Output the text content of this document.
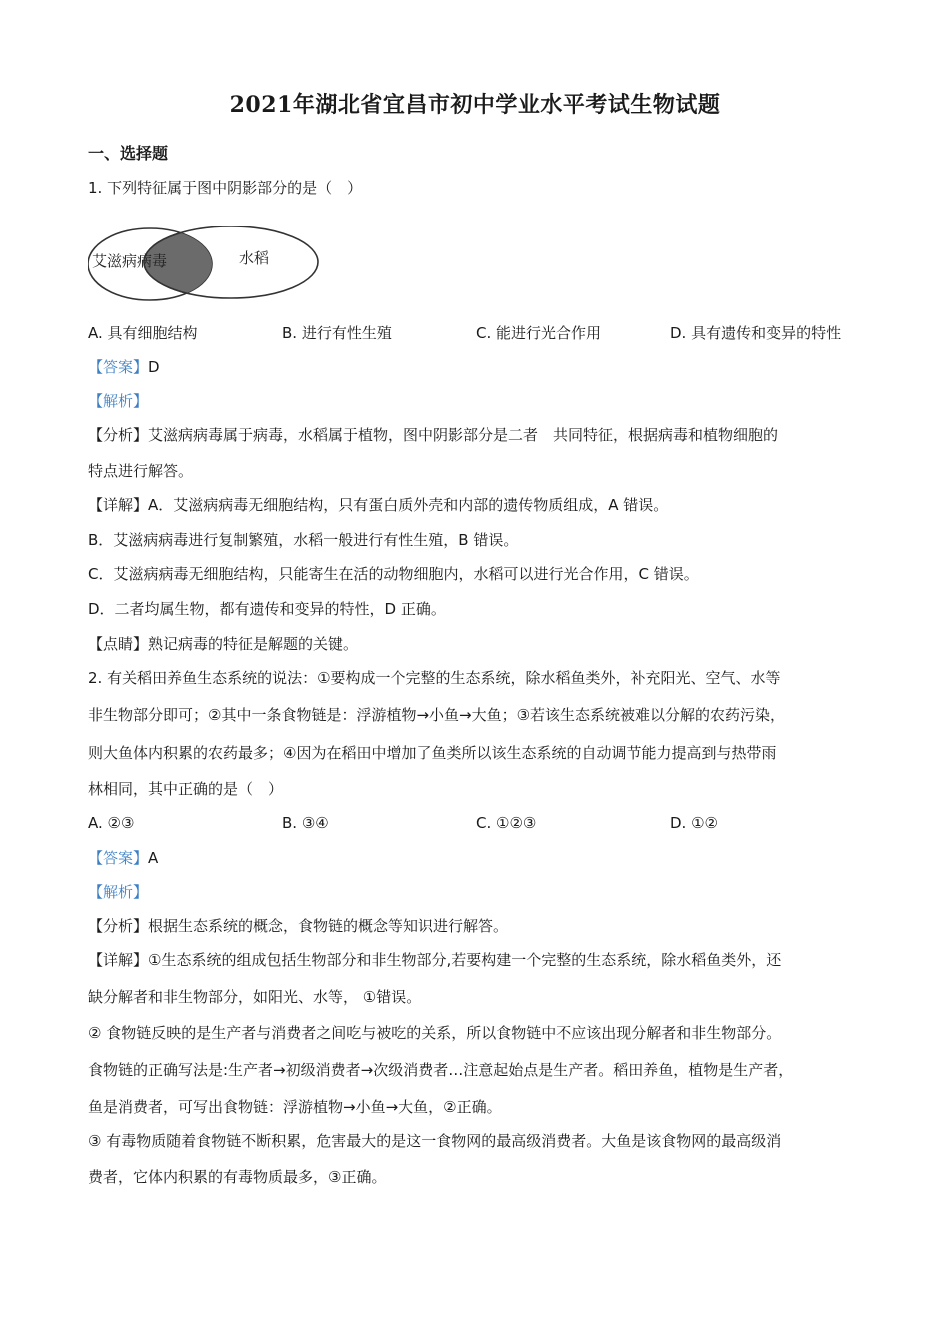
2021年湖北省宜昌市初中学业水平考试生物试题
一、选择题
1. 下列特征属于图中阴影部分的是（　）
艾滋病病毒	水稻
A. 具有细胞结构	B. 进行有性生殖	C. 能进行光合作用	D. 具有遗传和变异的特性
【答案】D
【解析】
【分析】艾滋病病毒属于病毒，水稻属于植物，图中阴影部分是二者　共同特征，根据病毒和植物细胞的
特点进行解答。
【详解】A．艾滋病病毒无细胞结构，只有蛋白质外壳和内部的遗传物质组成，A 错误。
B．艾滋病病毒进行复制繁殖，水稻一般进行有性生殖，B 错误。
C．艾滋病病毒无细胞结构，只能寄生在活的动物细胞内，水稻可以进行光合作用，C 错误。
D．二者均属生物，都有遗传和变异的特性，D 正确。
【点睛】熟记病毒的特征是解题的关键。
2. 有关稻田养鱼生态系统的说法：①要构成一个完整的生态系统，除水稻鱼类外，补充阳光、空气、水等
非生物部分即可；②其中一条食物链是：浮游植物→小鱼→大鱼；③若该生态系统被难以分解的农药污染，
则大鱼体内积累的农药最多；④因为在稻田中增加了鱼类所以该生态系统的自动调节能力提高到与热带雨
林相同，其中正确的是（　）
A. ②③	B. ③④	C. ①②③	D. ①②
【答案】A
【解析】
【分析】根据生态系统的概念，食物链的概念等知识进行解答。
【详解】①生态系统的组成包括生物部分和非生物部分,若要构建一个完整的生态系统，除水稻鱼类外，还
缺分解者和非生物部分，如阳光、水等， ①错误。
② 食物链反映的是生产者与消费者之间吃与被吃的关系，所以食物链中不应该出现分解者和非生物部分。
食物链的正确写法是:生产者→初级消费者→次级消费者…注意起始点是生产者。稻田养鱼，植物是生产者，
鱼是消费者，可写出食物链：浮游植物→小鱼→大鱼，②正确。
③ 有毒物质随着食物链不断积累，危害最大的是这一食物网的最高级消费者。大鱼是该食物网的最高级消
费者，它体内积累的有毒物质最多，③正确。
